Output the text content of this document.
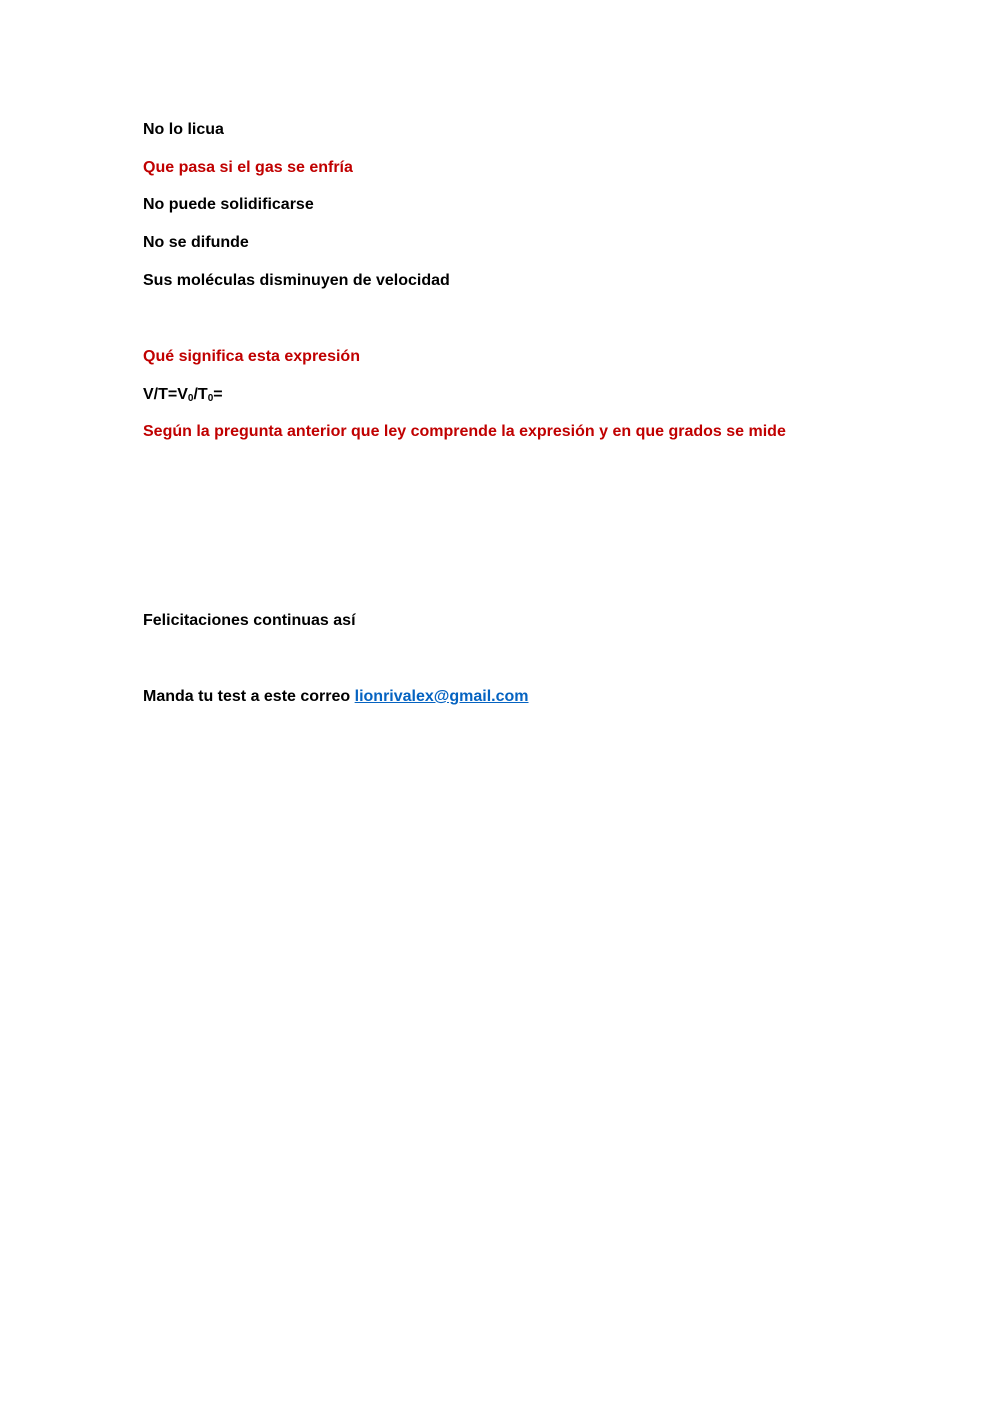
No lo licua
Que pasa si el gas se enfría
No puede solidificarse
No se difunde
Sus moléculas disminuyen de velocidad
Qué significa esta expresión
$V/T=V_0/T_0=$
Según la pregunta anterior que ley comprende la expresión y en que grados se mide
Felicitaciones continuas así
Manda tu test a este correo lionrivalex@gmail.com
